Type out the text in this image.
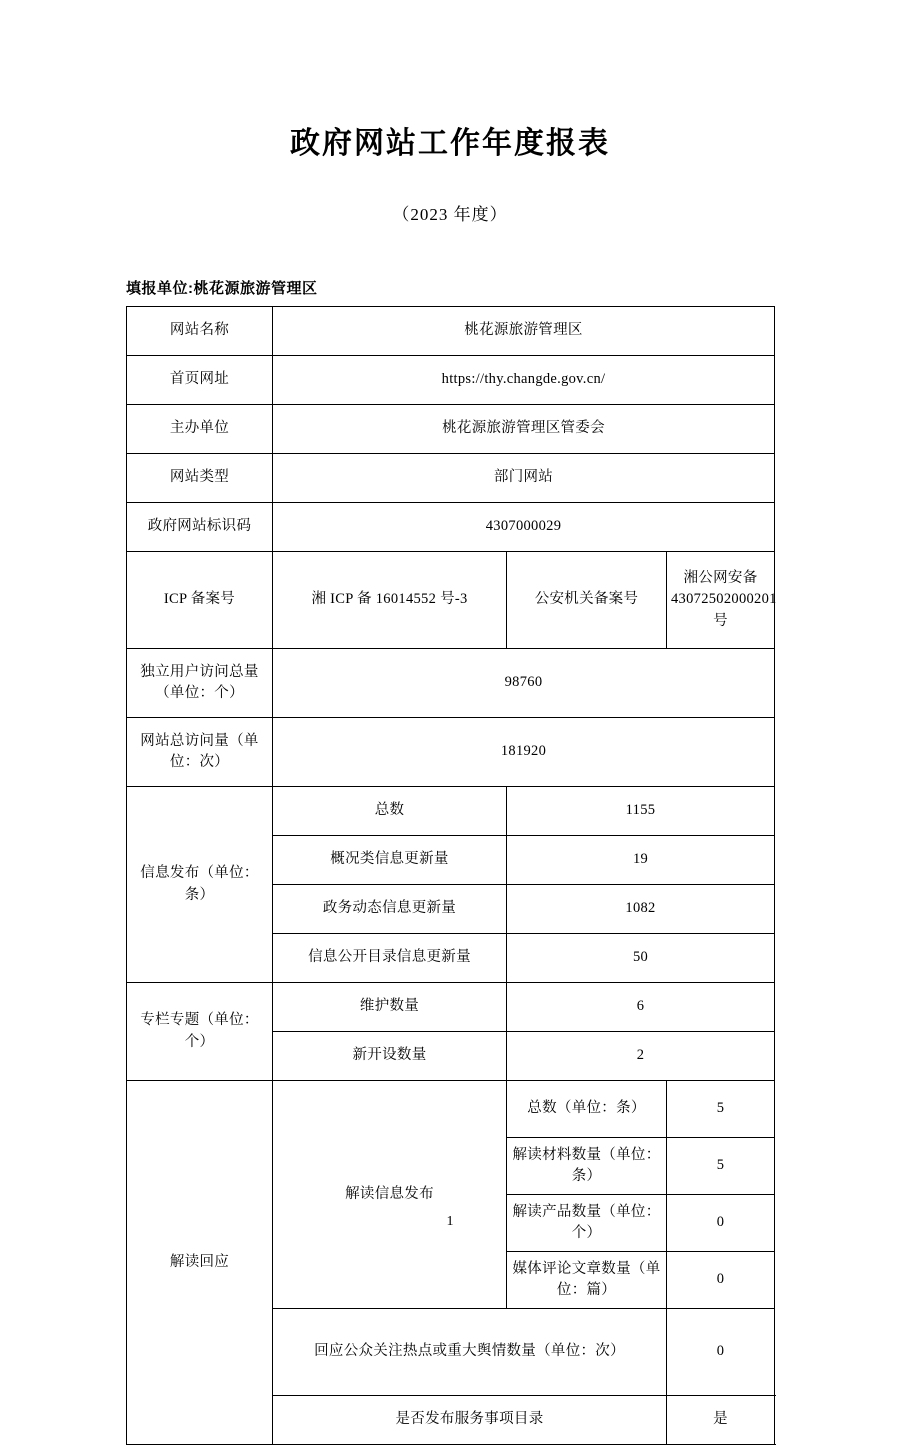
政府网站工作年度报表
（2023 年度）
填报单位:桃花源旅游管理区
网站名称	桃花源旅游管理区		
首页网址	https://thy.changde.gov.cn/		
主办单位	桃花源旅游管理区管委会		
网站类型	部门网站		
政府网站标识码	4307000029		
ICP 备案号	湘 ICP 备 16014552 号-3	公安机关备案号	湘公网安备 43072502000201 号
独立用户访问总量（单位：个）	98760		
网站总访问量（单位：次）	181920		
信息发布（单位：条）	总数	1155	
	概况类信息更新量	19	
	政务动态信息更新量	1082	
	信息公开目录信息更新量	50	
专栏专题（单位：个）	维护数量	6	
	新开设数量	2	
解读回应	解读信息发布	总数（单位：条）	5
		解读材料数量（单位：条）	5
		解读产品数量（单位：个）	0
		媒体评论文章数量（单位：篇）	0
	回应公众关注热点或重大舆情数量（单位：次）		0
	是否发布服务事项目录		是
1
